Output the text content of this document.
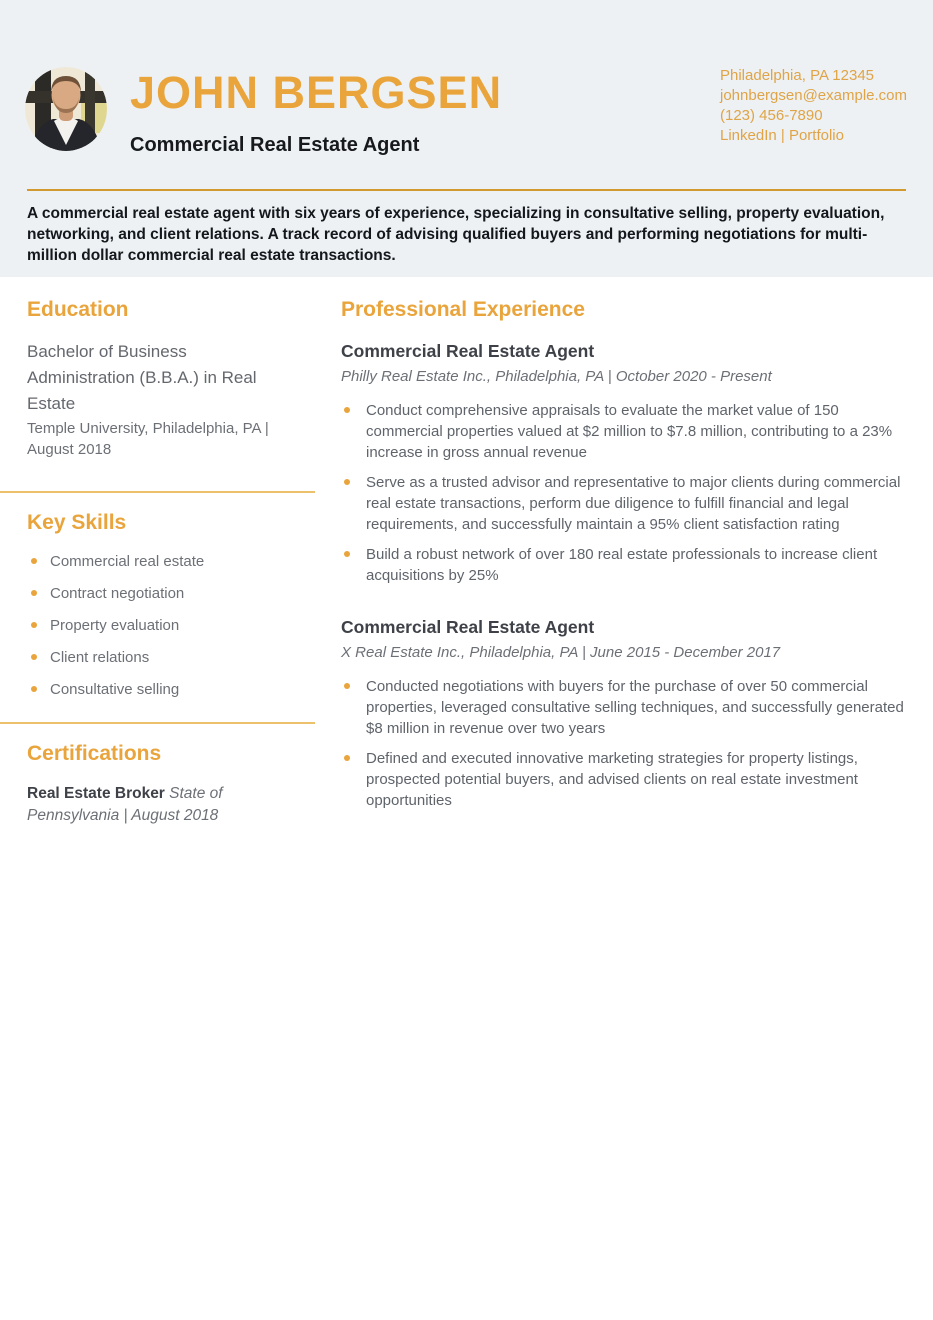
JOHN BERGSEN
Commercial Real Estate Agent
Philadelphia, PA 12345
johnbergsen@example.com
(123) 456-7890
LinkedIn | Portfolio
A commercial real estate agent with six years of experience, specializing in consultative selling, property evaluation, networking, and client relations. A track record of advising qualified buyers and performing negotiations for multi-million dollar commercial real estate transactions.
Education
Bachelor of Business Administration (B.B.A.) in Real Estate
Temple University, Philadelphia, PA | August 2018
Key Skills
Commercial real estate
Contract negotiation
Property evaluation
Client relations
Consultative selling
Certifications
Real Estate Broker State of Pennsylvania | August 2018
Professional Experience
Commercial Real Estate Agent
Philly Real Estate Inc., Philadelphia, PA | October 2020 - Present
Conduct comprehensive appraisals to evaluate the market value of 150 commercial properties valued at $2 million to $7.8 million, contributing to a 23% increase in gross annual revenue
Serve as a trusted advisor and representative to major clients during commercial real estate transactions, perform due diligence to fulfill financial and legal requirements, and successfully maintain a 95% client satisfaction rating
Build a robust network of over 180 real estate professionals to increase client acquisitions by 25%
Commercial Real Estate Agent
X Real Estate Inc., Philadelphia, PA | June 2015 - December 2017
Conducted negotiations with buyers for the purchase of over 50 commercial properties, leveraged consultative selling techniques, and successfully generated $8 million in revenue over two years
Defined and executed innovative marketing strategies for property listings, prospected potential buyers, and advised clients on real estate investment opportunities
